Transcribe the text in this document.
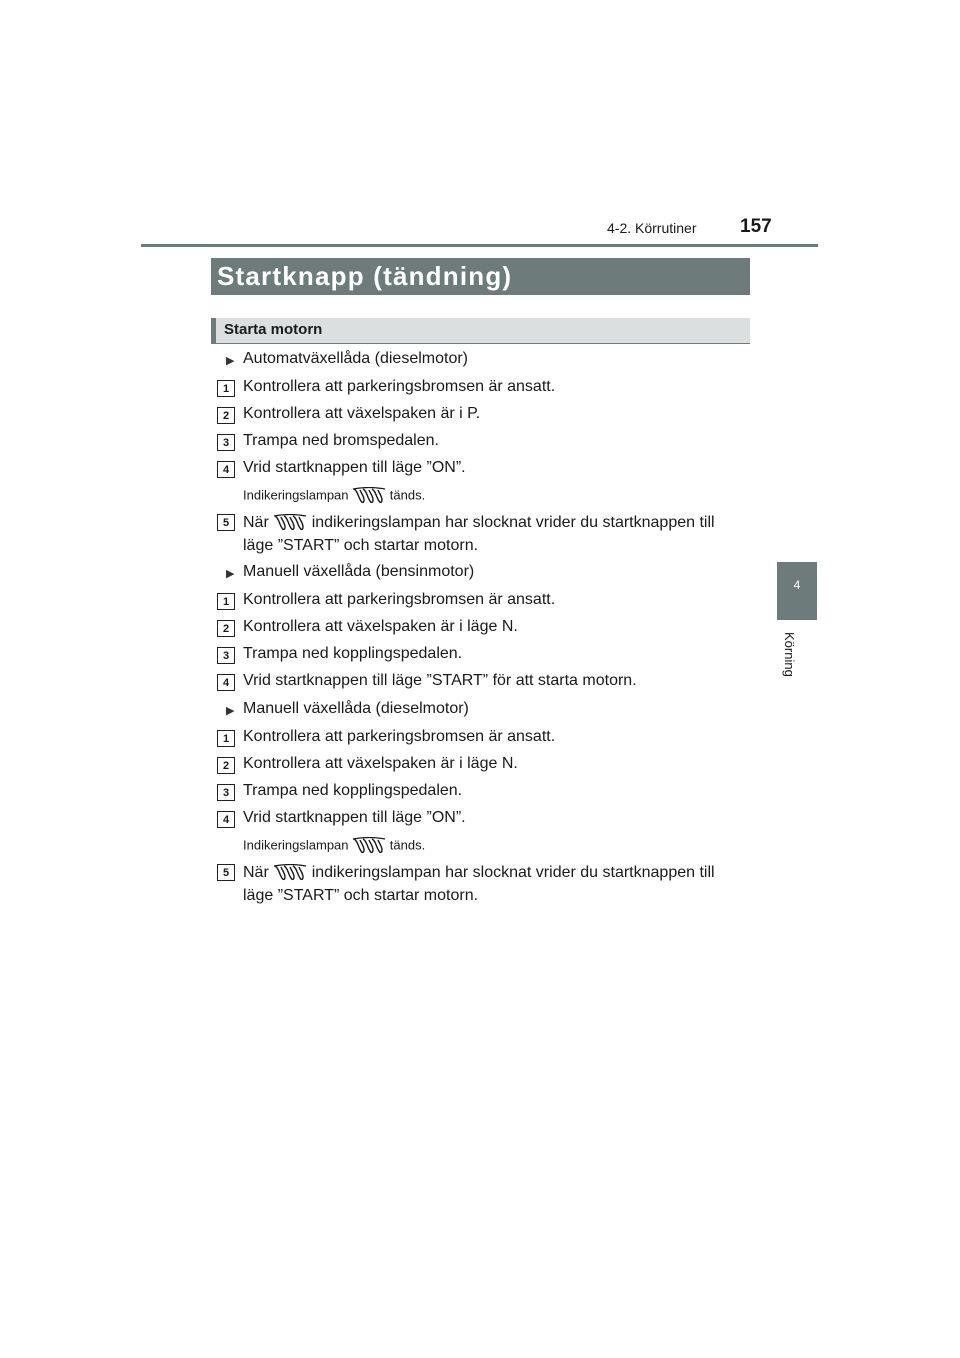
4-2. Körrutiner 157
4
Körning
Startknapp (tändning)
Starta motorn
▶ Automatväxellåda (dieselmotor)
1 Kontrollera att parkeringsbromsen är ansatt.
2 Kontrollera att växelspaken är i P.
3 Trampa ned bromspedalen.
4 Vrid startknappen till läge ”ON”.
Indikeringslampan	tänds.
5 När	indikeringslampan har slocknat vrider du startknappen till
läge ”START” och startar motorn.
▶ Manuell växellåda (bensinmotor)
1 Kontrollera att parkeringsbromsen är ansatt.
2 Kontrollera att växelspaken är i läge N.
3 Trampa ned kopplingspedalen.
4 Vrid startknappen till läge ”START” för att starta motorn.
▶ Manuell växellåda (dieselmotor)
1 Kontrollera att parkeringsbromsen är ansatt.
2 Kontrollera att växelspaken är i läge N.
3 Trampa ned kopplingspedalen.
4 Vrid startknappen till läge ”ON”.
Indikeringslampan	tänds.
5 När	indikeringslampan har slocknat vrider du startknappen till
läge ”START” och startar motorn.
